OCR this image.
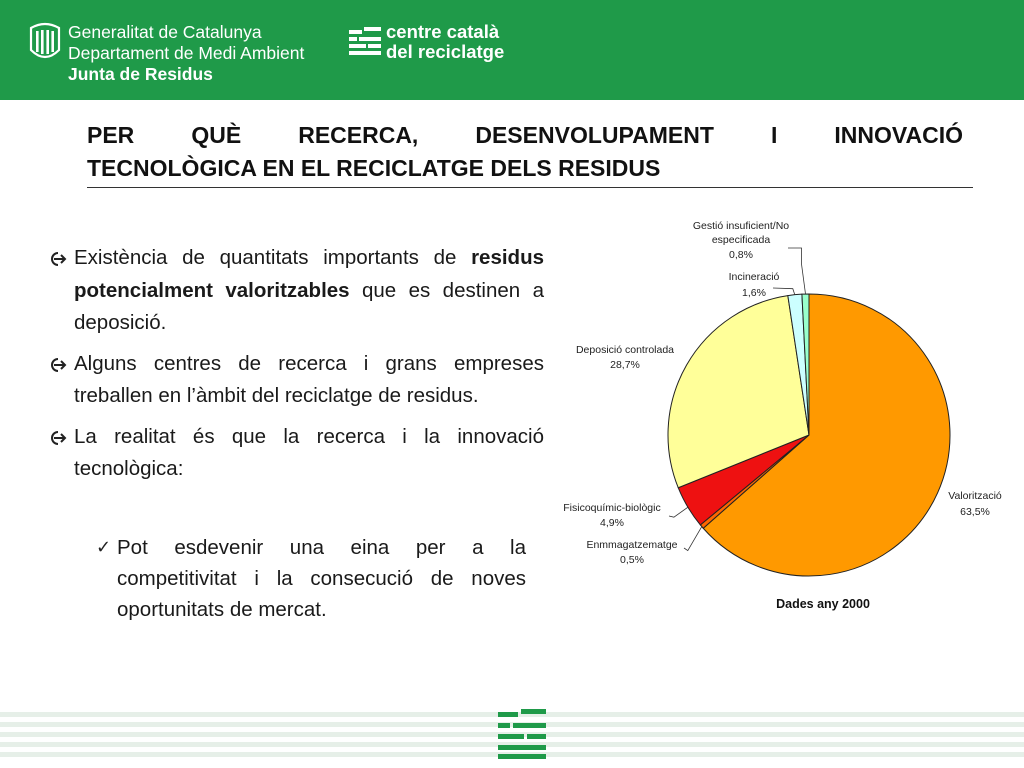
Generalitat de Catalunya
Departament de Medi Ambient
Junta de Residus
centre català
del reciclatge
PER QUÈ RECERCA, DESENVOLUPAMENT I INNOVACIÓ
TECNOLÒGICA EN EL RECICLATGE DELS RESIDUS
Existència de quantitats importants de residus potencialment valoritzables que es destinen a deposició.
Alguns centres de recerca i grans empreses treballen en l’àmbit del reciclatge de residus.
La realitat és que la recerca i la innovació tecnològica:
✓ Pot esdevenir una eina per a la competitivitat i la consecució de noves oportunitats de mercat.
Gestió insuficient/No
especificada
0,8%
Incineració
1,6%
Deposició controlada
28,7%
Valorització
63,5%
Fisicoquímic-biològic
4,9%
Enmmagatzematge
0,5%
Dades any 2000
